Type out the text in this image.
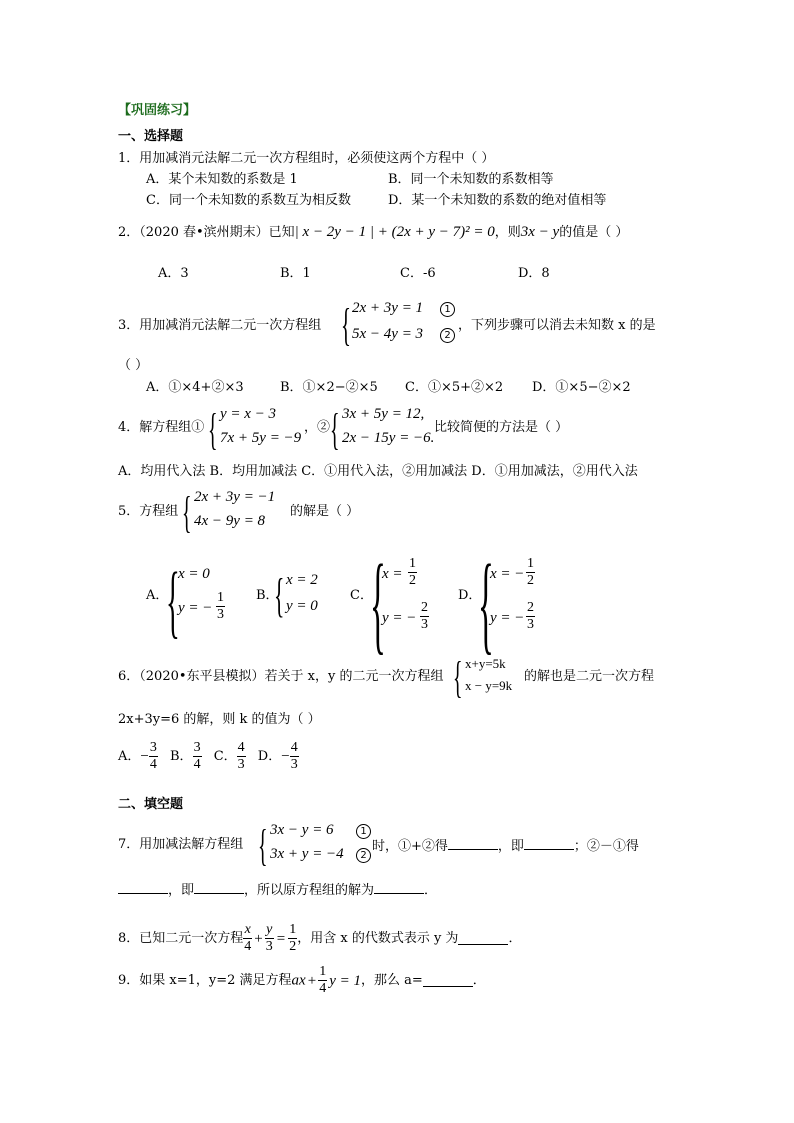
【巩固练习】
一、选择题
1．用加减消元法解二元一次方程组时，必须使这两个方程中（ ）
A．某个未知数的系数是 1	B．同一个未知数的系数相等
C．同一个未知数的系数互为相反数	D．某一个未知数的系数的绝对值相等
2．（2020 春•滨州期末）已知| x − 2y − 1 | + (2x + y − 7)² = 0，则3x − y的值是（ ）
A．3	B．1	C．-6	D．8
3．用加减消元法解二元一次方程组 { 2x + 3y = 1
5x − 4y = 3
1
2
，下列步骤可以消去未知数 x 的是
（ ）
A．①×4+②×3	B．①×2−②×5 C．①×5+②×2 D．①×5−②×2
4．解方程组① { y = x − 3
7x + 5y = −9
，② { 3x + 5y = 12,
2x − 15y = −6.
比较简便的方法是（ ）
A．均用代入法 B．均用加减法 C．①用代入法，②用加减法 D．①用加减法，②用代入法
5．方程组 { 2x + 3y = −1
4x − 9y = 8
的解是（ ）
A．
{
x = 0
y = − $\frac{1}{3}$ B．
{ x = 2
y = 0
C．
{
$x = \frac{1}{2}$
y = − $\frac{2}{3}$
D．
{
x = − $\frac{1}{2}$
y = − $\frac{2}{3}$
6．（2020•东平县模拟）若关于 x，y 的二元一次方程组 { x+y=5k
x − y=9k
的解也是二元一次方程
2x+3y=6 的解，则 k 的值为（ ）
A．− $\frac{3}{4}$ B． $\frac{3}{4}$ C． $\frac{4}{3}$ D．− $\frac{4}{3}$
二、填空题
7．用加减法解方程组 { 3x − y = 6
3x + y = −4
1
2
时，①+②得	，即	；②－①得
，即	，所以原方程组的解为	．
8．已知二元一次方程 $\frac{x}{4} + \frac{y}{3} = \frac{1}{2}$ ，用含 x 的代数式表示 y 为	．
9．如果 x=1，y=2 满足方程ax + $\frac{1}{4}$ y = 1，那么 a=	．
